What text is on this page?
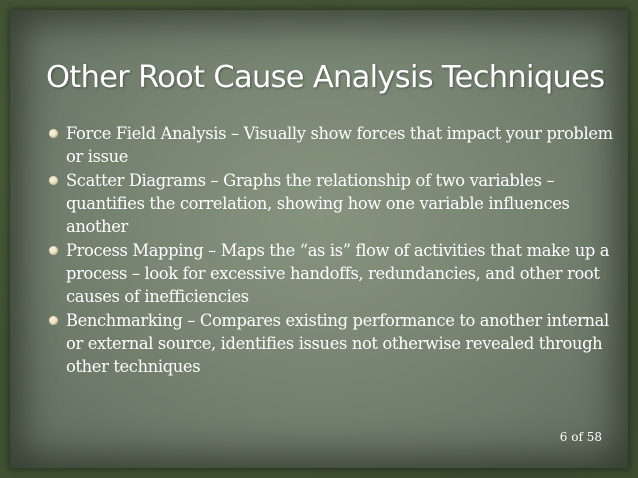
Other Root Cause Analysis Techniques
Force Field Analysis – Visually show forces that impact your problem or issue
Scatter Diagrams – Graphs the relationship of two variables – quantifies the correlation, showing how one variable influences another
Process Mapping – Maps the “as is” flow of activities that make up a process – look for excessive handoffs, redundancies, and other root causes of inefficiencies
Benchmarking – Compares existing performance to another internal or external source, identifies issues not otherwise revealed through other techniques
6 of 58
